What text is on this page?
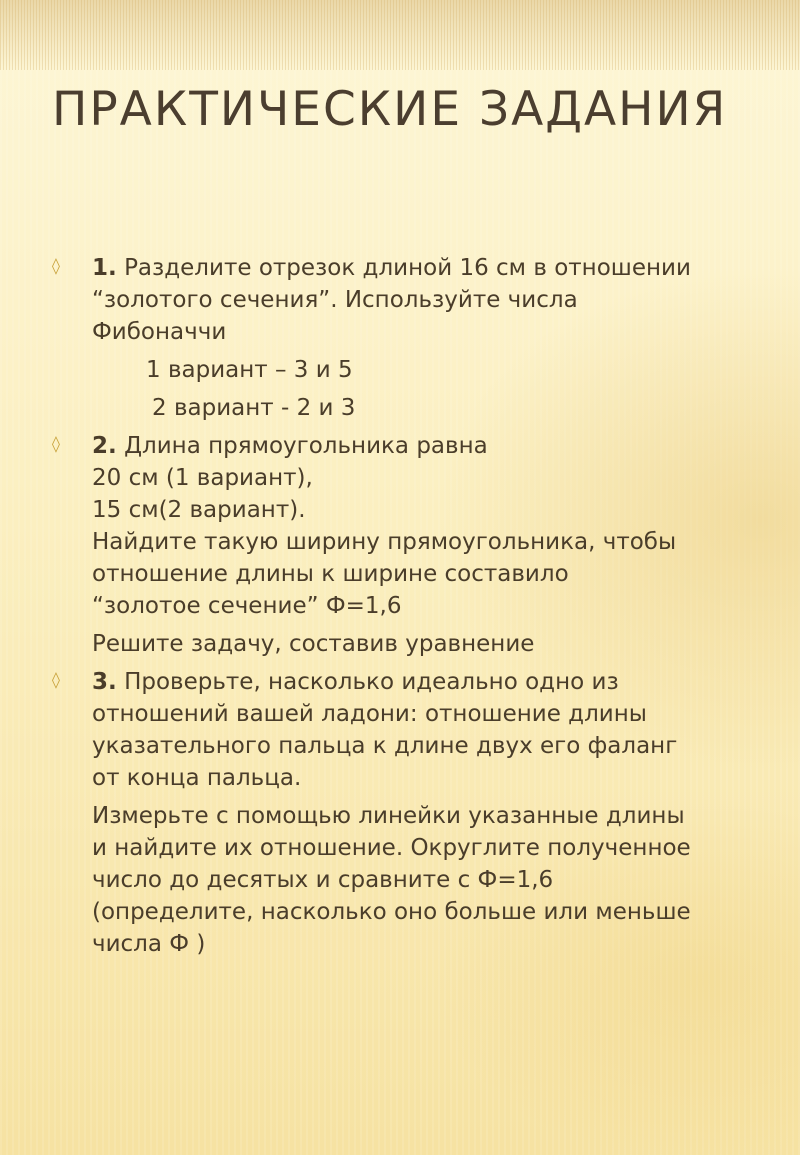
ПРАКТИЧЕСКИЕ ЗАДАНИЯ
◊ 1. Разделите отрезок длиной 16 см в отношении
“золотого сечения”. Используйте числа
Фибоначчи
1 вариант – 3 и 5
2 вариант - 2 и 3
◊ 2. Длина прямоугольника равна
20 см (1 вариант),
15 см(2 вариант).
Найдите такую ширину прямоугольника, чтобы
отношение длины к ширине составило
“золотое сечение” Ф=1,6
Решите задачу, составив уравнение
◊ 3. Проверьте, насколько идеально одно из
отношений вашей ладони: отношение длины
указательного пальца к длине двух его фаланг
от конца пальца.
Измерьте с помощью линейки указанные длины
и найдите их отношение. Округлите полученное
число до десятых и сравните с Ф=1,6
(определите, насколько оно больше или меньше
числа Ф )
